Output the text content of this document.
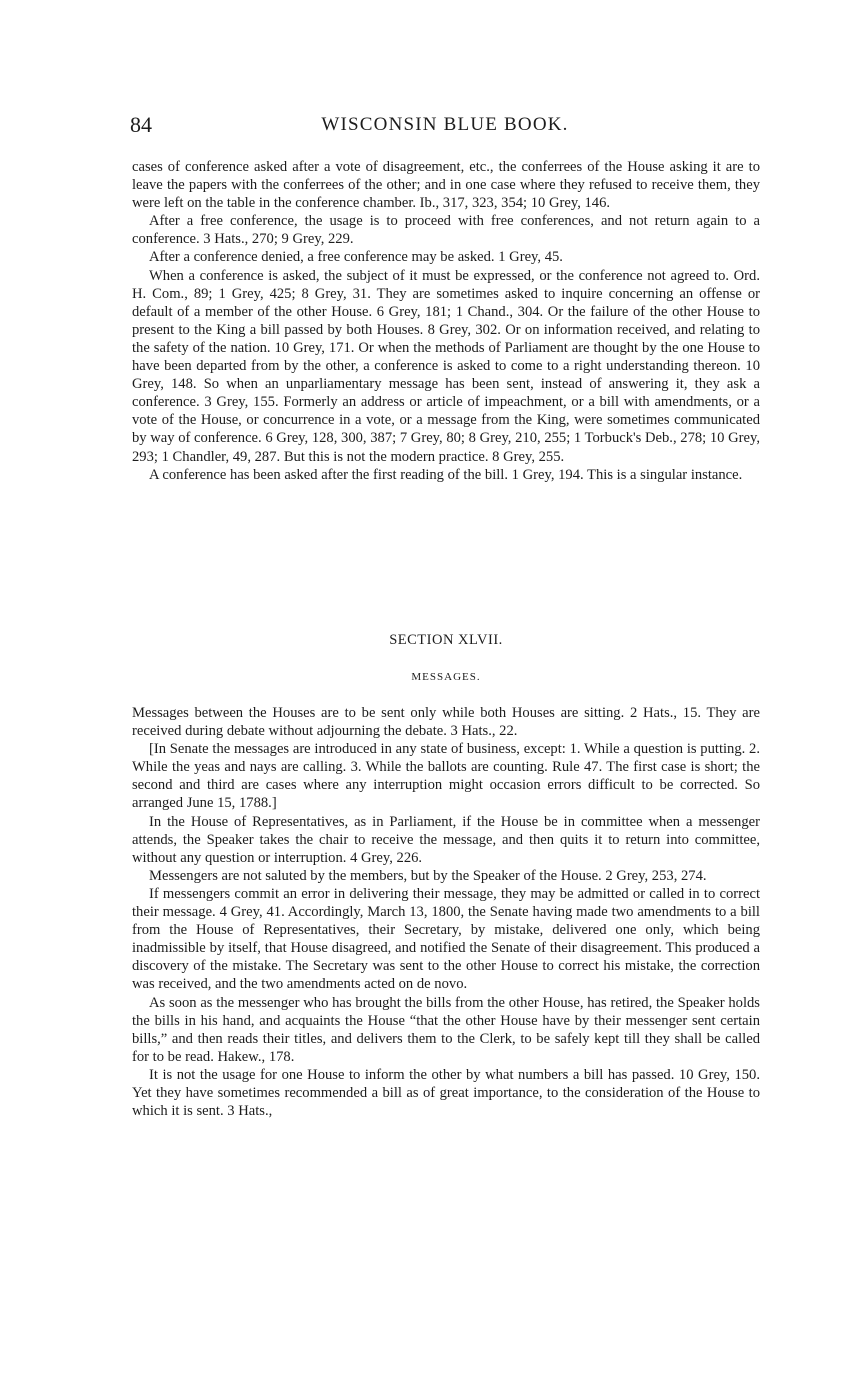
84	WISCONSIN BLUE BOOK.

cases of conference asked after a vote of disagreement, etc., the conferrees of the House asking it are to leave the papers with the conferrees of the other; and in one case where they refused to receive them, they were left on the table in the conference chamber. Ib., 317, 323, 354; 10 Grey, 146.

After a free conference, the usage is to proceed with free conferences, and not return again to a conference. 3 Hats., 270; 9 Grey, 229.

After a conference denied, a free conference may be asked. 1 Grey, 45.

When a conference is asked, the subject of it must be expressed, or the conference not agreed to. Ord. H. Com., 89; 1 Grey, 425; 8 Grey, 31. They are sometimes asked to inquire concerning an offense or default of a member of the other House. 6 Grey, 181; 1 Chand., 304. Or the failure of the other House to present to the King a bill passed by both Houses. 8 Grey, 302. Or on information received, and relating to the safety of the nation. 10 Grey, 171. Or when the methods of Parliament are thought by the one House to have been departed from by the other, a conference is asked to come to a right understanding thereon. 10 Grey, 148. So when an unparliamentary message has been sent, instead of answering it, they ask a conference. 3 Grey, 155. Formerly an address or article of impeachment, or a bill with amendments, or a vote of the House, or concurrence in a vote, or a message from the King, were sometimes communicated by way of conference. 6 Grey, 128, 300, 387; 7 Grey, 80; 8 Grey, 210, 255; 1 Torbuck's Deb., 278; 10 Grey, 293; 1 Chandler, 49, 287. But this is not the modern practice. 8 Grey, 255.

A conference has been asked after the first reading of the bill. 1 Grey, 194. This is a singular instance.

SECTION XLVII.
MESSAGES.

Messages between the Houses are to be sent only while both Houses are sitting. 2 Hats., 15. They are received during debate without adjourning the debate. 3 Hats., 22.

[In Senate the messages are introduced in any state of business, except: 1. While a question is putting. 2. While the yeas and nays are calling. 3. While the ballots are counting. Rule 47. The first case is short; the second and third are cases where any interruption might occasion errors difficult to be corrected. So arranged June 15, 1788.]

In the House of Representatives, as in Parliament, if the House be in committee when a messenger attends, the Speaker takes the chair to receive the message, and then quits it to return into committee, without any question or interruption. 4 Grey, 226.

Messengers are not saluted by the members, but by the Speaker of the House. 2 Grey, 253, 274.

If messengers commit an error in delivering their message, they may be admitted or called in to correct their message. 4 Grey, 41. Accordingly, March 13, 1800, the Senate having made two amendments to a bill from the House of Representatives, their Secretary, by mistake, delivered one only, which being inadmissible by itself, that House disagreed, and notified the Senate of their disagreement. This produced a discovery of the mistake. The Secretary was sent to the other House to correct his mistake, the correction was received, and the two amendments acted on de novo.

As soon as the messenger who has brought the bills from the other House, has retired, the Speaker holds the bills in his hand, and acquaints the House “that the other House have by their messenger sent certain bills,” and then reads their titles, and delivers them to the Clerk, to be safely kept till they shall be called for to be read. Hakew., 178.

It is not the usage for one House to inform the other by what numbers a bill has passed. 10 Grey, 150. Yet they have sometimes recommended a bill as of great importance, to the consideration of the House to which it is sent. 3 Hats.,
